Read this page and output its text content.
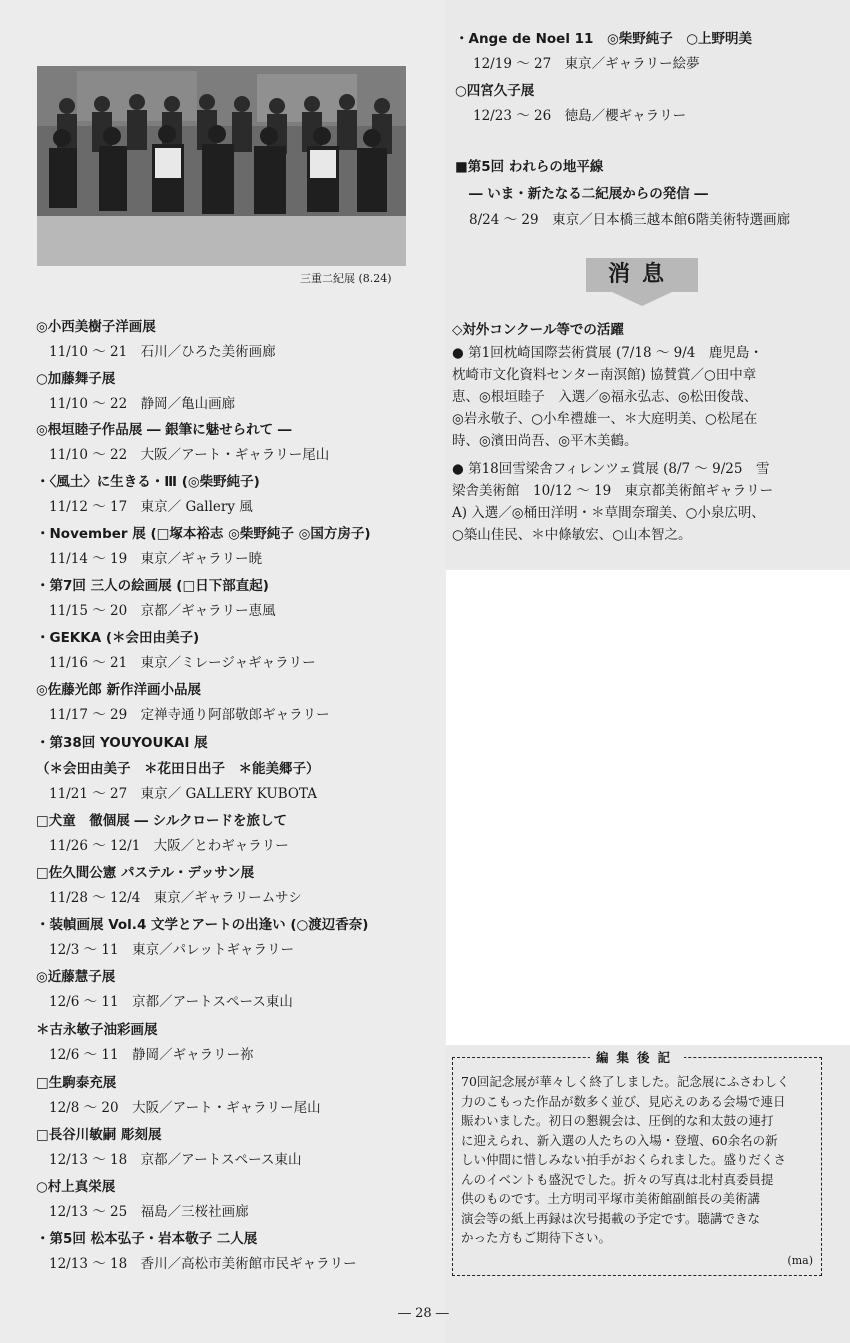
三重二紀展 (8.24)
◎小西美樹子洋画展
11/10 ～ 21　石川／ひろた美術画廊
○加藤舞子展
11/10 ～ 22　静岡／亀山画廊
◎根垣睦子作品展 ― 銀筆に魅せられて ―
11/10 ～ 22　大阪／アート・ギャラリー尾山
・〈風土〉に生きる・Ⅲ (◎柴野純子)
11/12 ～ 17　東京／ Gallery 風
・November 展 (□塚本裕志 ◎柴野純子 ◎国方房子)
11/14 ～ 19　東京／ギャラリー暁
・第7回 三人の絵画展 (□日下部直起)
11/15 ～ 20　京都／ギャラリー恵風
・GEKKA (＊会田由美子)
11/16 ～ 21　東京／ミレージャギャラリー
◎佐藤光郎 新作洋画小品展
11/17 ～ 29　定禅寺通り阿部敬郎ギャラリー
・第38回 YOUYOUKAI 展
（＊会田由美子　＊花田日出子　＊能美郷子）
11/21 ～ 27　東京／ GALLERY KUBOTA
□犬童　徹個展 ― シルクロードを旅して
11/26 ～ 12/1　大阪／とわギャラリー
□佐久間公憲 パステル・デッサン展
11/28 ～ 12/4　東京／ギャラリームサシ
・装幀画展 Vol.4 文学とアートの出逢い (○渡辺香奈)
12/3 ～ 11　東京／パレットギャラリー
◎近藤慧子展
12/6 ～ 11　京都／アートスペース東山
＊古永敏子油彩画展
12/6 ～ 11　静岡／ギャラリー祢
□生駒泰充展
12/8 ～ 20　大阪／アート・ギャラリー尾山
□長谷川敏嗣 彫刻展
12/13 ～ 18　京都／アートスペース東山
○村上真栄展
12/13 ～ 25　福島／三桜社画廊
・第5回 松本弘子・岩本敬子 二人展
12/13 ～ 18　香川／高松市美術館市民ギャラリー
・Ange de Noel 11　◎柴野純子　○上野明美
12/19 ～ 27　東京／ギャラリー絵夢
○四宮久子展
12/23 ～ 26　徳島／櫻ギャラリー
■第5回 われらの地平線
― いま・新たなる二紀展からの発信 ―
8/24 ～ 29　東京／日本橋三越本館6階美術特選画廊
消息
◇対外コンクール等での活躍
● 第1回枕崎国際芸術賞展 (7/18 ～ 9/4　鹿児島・
枕崎市文化資料センター南溟館) 協賛賞／○田中章
恵、◎根垣睦子　入選／◎福永弘志、◎松田俊哉、
◎岩永敬子、○小牟禮雄一、＊大庭明美、○松尾在
時、◎濱田尚吾、◎平木美鶴。
● 第18回雪梁舎フィレンツェ賞展 (8/7 ～ 9/25　雪
梁舎美術館　10/12 ～ 19　東京都美術館ギャラリー
A) 入選／◎桶田洋明・＊草間奈瑠美、○小泉広明、
○築山佳民、＊中條敏宏、○山本智之。
編集後記
70回記念展が華々しく終了しました。記念展にふさわしく
力のこもった作品が数多く並び、見応えのある会場で連日
賑わいました。初日の懇親会は、圧倒的な和太鼓の連打
に迎えられ、新入選の人たちの入場・登壇、60余名の新
しい仲間に惜しみない拍手がおくられました。盛りだくさ
んのイベントも盛況でした。折々の写真は北村真委員提
供のものです。土方明司平塚市美術館副館長の美術講
演会等の紙上再録は次号掲載の予定です。聴講できな
かった方もご期待下さい。
(ma)
― 28 ―
